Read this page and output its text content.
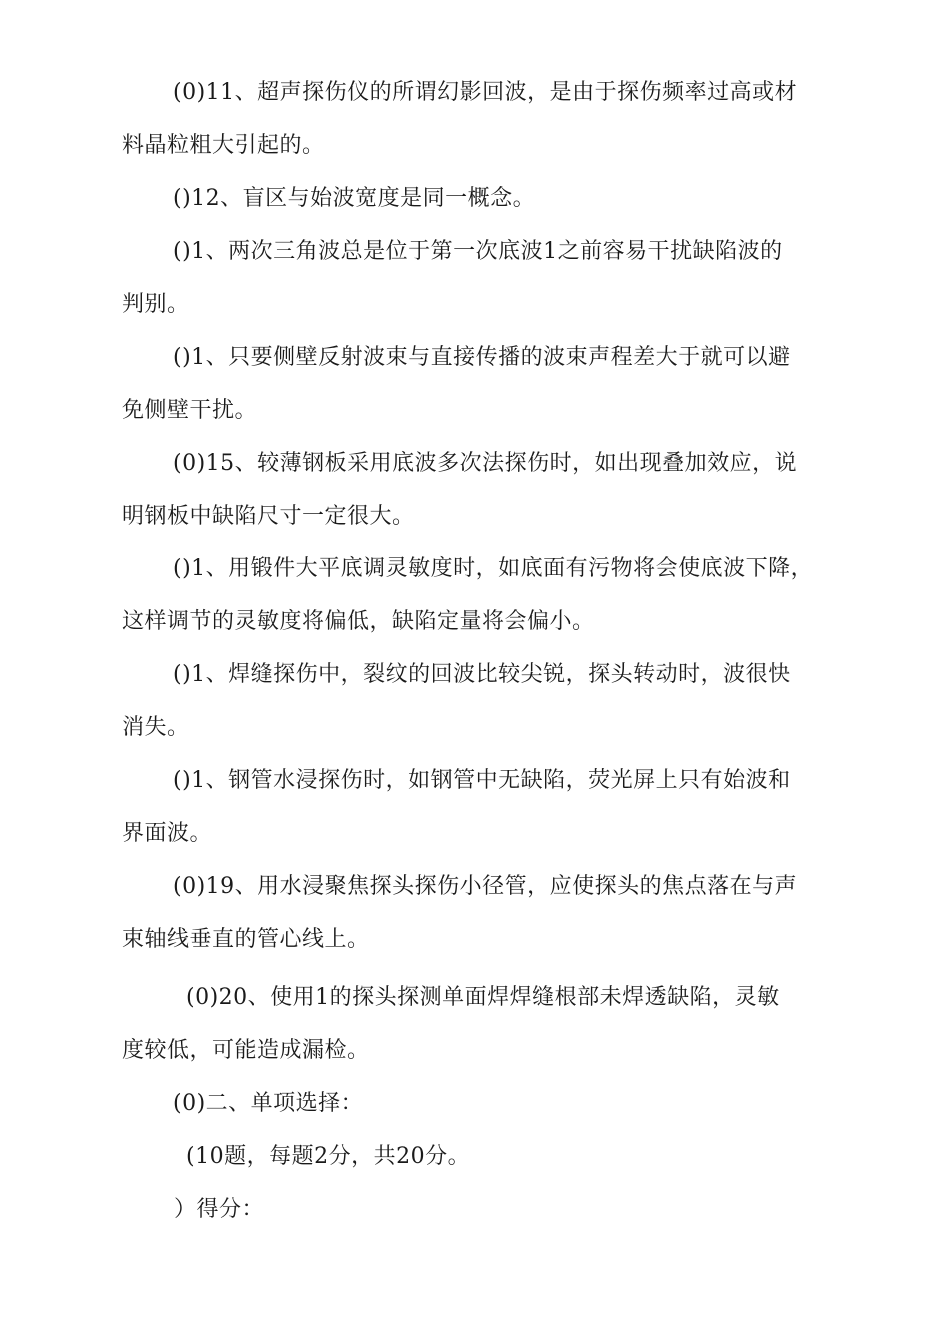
(0)11、超声探伤仪的所谓幻影回波，是由于探伤频率过高或材
料晶粒粗大引起的。
()12、盲区与始波宽度是同一概念。
()1、两次三角波总是位于第一次底波1之前容易干扰缺陷波的
判别。
()1、只要侧壁反射波束与直接传播的波束声程差大于就可以避
免侧壁干扰。
(0)15、较薄钢板采用底波多次法探伤时，如出现叠加效应，说
明钢板中缺陷尺寸一定很大。
()1、用锻件大平底调灵敏度时，如底面有污物将会使底波下降，
这样调节的灵敏度将偏低，缺陷定量将会偏小。
()1、焊缝探伤中，裂纹的回波比较尖锐，探头转动时，波很快
消失。
()1、钢管水浸探伤时，如钢管中无缺陷，荧光屏上只有始波和
界面波。
(0)19、用水浸聚焦探头探伤小径管，应使探头的焦点落在与声
束轴线垂直的管心线上。
(0)20、使用1的探头探测单面焊焊缝根部未焊透缺陷，灵敏
度较低，可能造成漏检。
(0)二、单项选择：
(10题，每题2分，共20分。
）得分：
